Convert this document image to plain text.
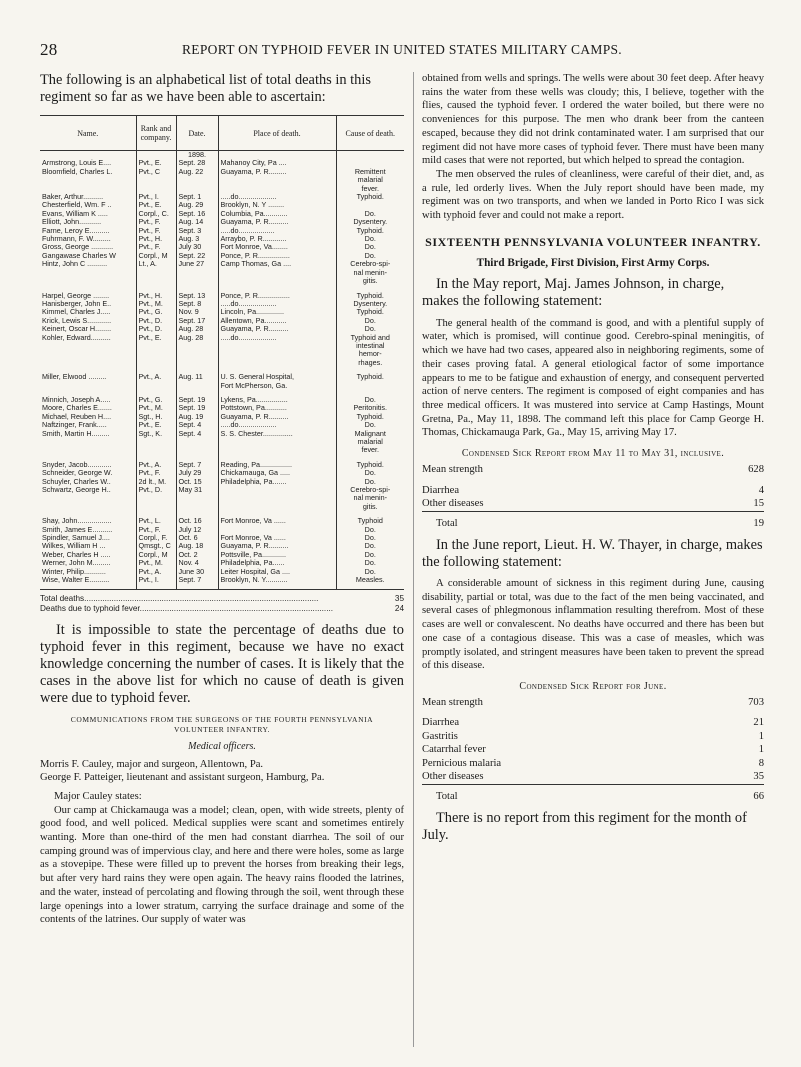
28	REPORT ON TYPHOID FEVER IN UNITED STATES MILITARY CAMPS.

The following is an alphabetical list of total deaths in this regiment so far as we have been able to ascertain:

Name.	Rank and company.	Date.	Place of death.	Cause of death.
		1898.		
Armstrong, Louis E....	Pvt., E.	Sept. 28	Mahanoy City, Pa ....	
Bloomfield, Charles L.	Pvt., C	Aug. 22	Guayama, P. R.........	Remittent
				malarial
				fever.
Baker, Arthur..........	Pvt., I.	Sept. 1	.....do...................	Typhoid.
Chesterfield, Wm. F ..	Pvt., E.	Aug. 29	Brooklyn, N. Y ........	
Evans, William K .....	Corpl., C.	Sept. 16	Columbia, Pa............	Do.
Elliott, John...........	Pvt., F.	Aug. 14	Guayama, P. R..........	Dysentery.
Farne, Leroy E..........	Pvt., F.	Sept. 3	.....do..................	Typhoid.
Fuhrmann, F. W.........	Pvt., H.	Aug. 3	Arraybo, P. R............	Do.
Gross, George ...........	Pvt., F.	July 30	Fort Monroe, Va........	Do.
Gangawase Charles W	Corpl., M	Sept. 22	Ponce, P. R................	Do.
Hintz, John C ..........	Lt., A.	June 27	Camp Thomas, Ga ....	Cerebro-spi-
				nal menin-
				gitis.

Harpel, George ........	Pvt., H.	Sept. 13	Ponce, P. R................	Typhoid.
Hanisberger, John E..	Pvt., M.	Sept. 8	.....do...................	Dysentery.
Kimmel, Charles J.....	Pvt., G.	Nov. 9	Lincoln, Pa..............	Typhoid.
Krick, Lewis S............	Pvt., D.	Sept. 17	Allentown, Pa...........	Do.
Keinert, Oscar H........	Pvt., D.	Aug. 28	Guayama, P. R..........	Do.
Kohler, Edward..........	Pvt., E.	Aug. 28	.....do...................	Typhoid and
				intestinal
				hemor-
				rhages.

Miller, Elwood .........	Pvt., A.	Aug. 11	U. S. General Hospital,	Typhoid.
			Fort McPherson, Ga.	

Minnich, Joseph A.....	Pvt., G.	Sept. 19	Lykens, Pa................	Do.
Moore, Charles E.......	Pvt., M.	Sept. 19	Pottstown, Pa...........	Peritonitis.
Michael, Reuben H....	Sgt., H.	Aug. 19	Guayama, P. R..........	Typhoid.
Naftzinger, Frank.....	Pvt., E.	Sept. 4	.....do...................	Do.
Smith, Martin H.........	Sgt., K.	Sept. 4	S. S. Chester...............	Malignant
				malarial
				fever.

Snyder, Jacob............	Pvt., A.	Sept. 7	Reading, Pa................	Typhoid.
Schneider, George W.	Pvt., F.	July 29	Chickamauga, Ga .....	Do.
Schuyler, Charles W..	2d lt., M.	Oct. 15	Philadelphia, Pa.......	Do.
Schwartz, George H..	Pvt., D.	May 31		Cerebro-spi-
				nal menin-
				gitis.

Shay, John.................	Pvt., L.	Oct. 16	Fort Monroe, Va ......	Typhoid
Smith, James E..........	Pvt., F.	July 12		Do.
Spindler, Samuel J....	Corpl., F.	Oct. 6	Fort Monroe, Va ......	Do.
Wilkes, William H ...	Qmsgt., C	Aug. 18	Guayama, P. R..........	Do.
Weber, Charles H .....	Corpl., M	Oct. 2	Pottsville, Pa............	Do.
Werner, John M.........	Pvt., M.	Nov. 4	Philadelphia, Pa......	Do.
Winter, Philip...........	Pvt., A.	June 30	Leiter Hospital, Ga ....	Do.
Wise, Walter E..........	Pvt., I.	Sept. 7	Brooklyn, N. Y...........	Measles.
Total deaths.......................................................................................................	35
Deaths due to typhoid fever.....................................................................................	24

It is impossible to state the percentage of deaths due to typhoid fever in this regiment, because we have no exact knowledge concerning the number of cases. It is likely that the cases in the above list for which no cause of death is given were due to typhoid fever.

COMMUNICATIONS FROM THE SURGEONS OF THE FOURTH PENNSYLVANIA VOLUNTEER INFANTRY.

Medical officers.

Morris F. Cauley, major and surgeon, Allentown, Pa.

George F. Patteiger, lieutenant and assistant surgeon, Hamburg, Pa.

Major Cauley states:

Our camp at Chickamauga was a model; clean, open, with wide streets, plenty of good food, and well policed. Medical supplies were scant and sometimes entirely wanting. More than one-third of the men had constant diarrhea. The soil of our camping ground was of impervious clay, and here and there were holes, some as large as a stovepipe. These were filled up to prevent the horses from breaking their legs, but after very hard rains they were open again. The heavy rains flooded the latrines, and the water, instead of percolating and flowing through the soil, went through these large openings into a lower stratum, carrying the surface drainage and some of the contents of the latrines. Our supply of water was

obtained from wells and springs. The wells were about 30 feet deep. After heavy rains the water from these wells was cloudy; this, I believe, together with the flies, caused the typhoid fever. I ordered the water boiled, but there were no conveniences for this purpose. The men who drank beer from the canteen escaped, because they did not drink contaminated water. I am surprised that our regiment did not have more cases of typhoid fever. There must have been many mild cases that were not reported, but which helped to spread the contagion.

The men observed the rules of cleanliness, were careful of their diet, and, as a rule, led orderly lives. When the July report should have been made, my regiment was on two transports, and when we landed in Porto Rico I was sick with typhoid fever and could not make a report.

SIXTEENTH PENNSYLVANIA VOLUNTEER INFANTRY.

Third Brigade, First Division, First Army Corps.

In the May report, Maj. James Johnson, in charge, makes the following statement:

The general health of the command is good, and with a plentiful supply of water, which is promised, will continue good. Cerebro-spinal meningitis, of which we have had two cases, appeared also in neighboring regiments, some of their cases proving fatal. A general etiological factor of some importance appears to me to be fatigue and exhaustion of energy, and consequent perverted action of nerve centers. The regiment is composed of eight companies and has three medical officers. It was mustered into service at Camp Hastings, Mount Gretna, Pa., May 11, 1898. The command left this place for Camp George H. Thomas, Chickamauga Park, Ga., May 15, arriving May 17.

Condensed Sick Report from May 11 to May 31, inclusive.

Mean strength	628
Diarrhea	4
Other diseases	15
Total	19

In the June report, Lieut. H. W. Thayer, in charge, makes the following statement:

A considerable amount of sickness in this regiment during June, causing disability, partial or total, was due to the fact of the men being vaccinated, and several cases of phlegmonous inflammation resulting therefrom. Most of these cases are well or convalescent. No deaths have occurred and there has been but one case of a contagious disease. This was a case of measles, which was promptly isolated, and stringent measures have been taken to prevent the spread of this disease.

Condensed Sick Report for June.

Mean strength	703
Diarrhea	21
Gastritis	1
Catarrhal fever	1
Pernicious malaria	8
Other diseases	35
Total	66

There is no report from this regiment for the month of July.
